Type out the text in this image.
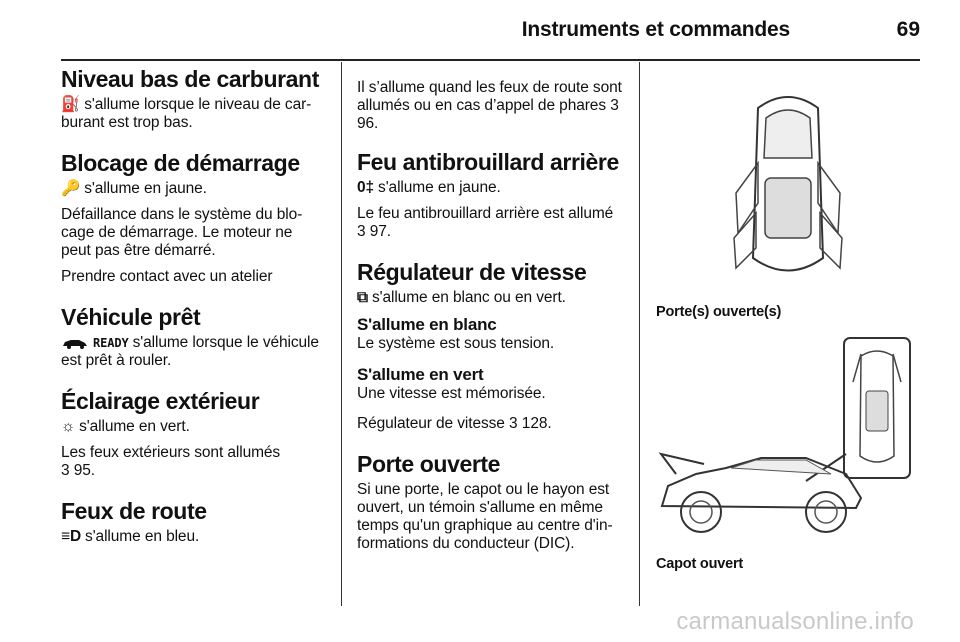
Instruments et commandes	69
Niveau bas de carburant

⛽ s'allume lorsque le niveau de car-burant est trop bas.

Blocage de démarrage

🔑 s'allume en jaune.

Défaillance dans le système du blo-cage de démarrage. Le moteur ne peut pas être démarré.

Prendre contact avec un atelier

Véhicule prêt

READY s'allume lorsque le véhicule est prêt à rouler.

Éclairage extérieur

☼ s'allume en vert.

Les feux extérieurs sont allumés
3 95.

Feux de route

≡D s'allume en bleu.

Il s’allume quand les feux de route sont allumés ou en cas d’appel de phares 3 96.

Feu antibrouillard arrière

0‡ s'allume en jaune.

Le feu antibrouillard arrière est allumé
3 97.

Régulateur de vitesse

⧉ s'allume en blanc ou en vert.

S'allume en blanc

Le système est sous tension.

S'allume en vert

Une vitesse est mémorisée.

Régulateur de vitesse 3 128.

Porte ouverte

Si une porte, le capot ou le hayon est ouvert, un témoin s'allume en même temps qu'un graphique au centre d'in-formations du conducteur (DIC).

Porte(s) ouverte(s)
Capot ouvert
carmanualsonline.info
